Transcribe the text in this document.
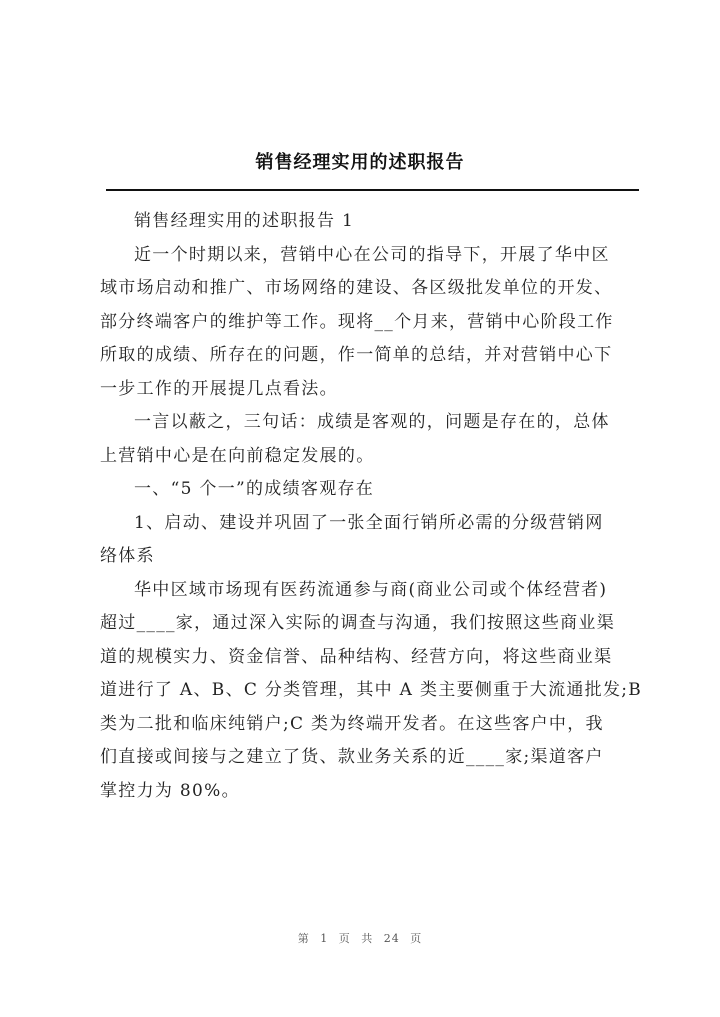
销售经理实用的述职报告
销售经理实用的述职报告 1
近一个时期以来，营销中心在公司的指导下，开展了华中区
域市场启动和推广、市场网络的建设、各区级批发单位的开发、
部分终端客户的维护等工作。现将__个月来，营销中心阶段工作
所取的成绩、所存在的问题，作一简单的总结，并对营销中心下
一步工作的开展提几点看法。
一言以蔽之，三句话：成绩是客观的，问题是存在的，总体
上营销中心是在向前稳定发展的。
一、“5 个一”的成绩客观存在
1、启动、建设并巩固了一张全面行销所必需的分级营销网
络体系
华中区域市场现有医药流通参与商(商业公司或个体经营者)
超过____家，通过深入实际的调查与沟通，我们按照这些商业渠
道的规模实力、资金信誉、品种结构、经营方向，将这些商业渠
道进行了 A、B、C 分类管理，其中 A 类主要侧重于大流通批发;B
类为二批和临床纯销户;C 类为终端开发者。在这些客户中，我
们直接或间接与之建立了货、款业务关系的近____家;渠道客户
掌控力为 80%。
第 1 页 共 24 页
